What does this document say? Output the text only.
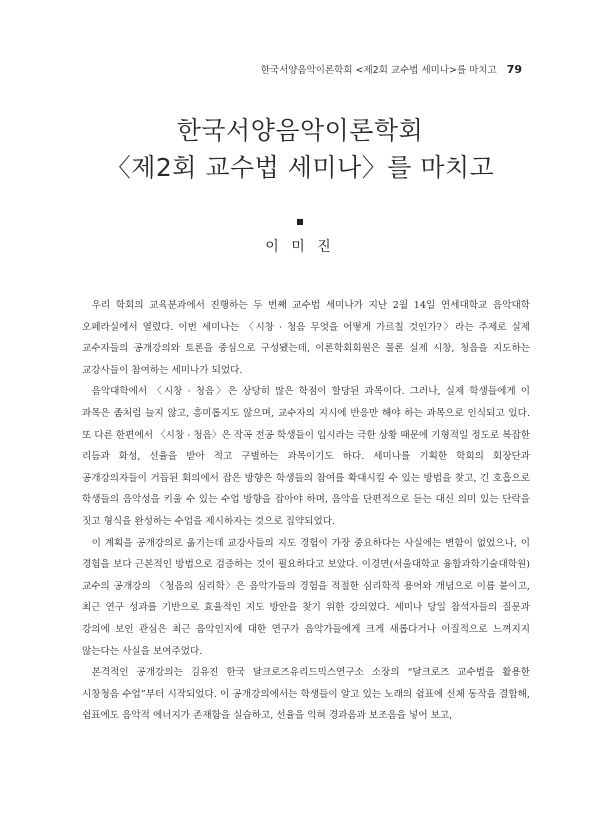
한국서양음악이론학회 <제2회 교수법 세미나>를 마치고 79
한국서양음악이론학회
〈제2회 교수법 세미나〉를 마치고
이 미 진

우리 학회의 교육분과에서 진행하는 두 번째 교수법 세미나가 지난 2월 14일 연세대학교 음악대학 오페라실에서 열렸다. 이번 세미나는 〈시창 · 청음 무엇을 어떻게 가르칠 것인가?〉라는 주제로 실제 교수자들의 공개강의와 토론을 중심으로 구성됐는데, 이론학회회원은 물론 실제 시창, 청음을 지도하는 교강사들이 참여하는 세미나가 되었다.

음악대학에서 〈시창 · 청음〉은 상당히 많은 학점이 할당된 과목이다. 그러나, 실제 학생들에게 이 과목은 좀처럼 늘지 않고, 흥미롭지도 않으며, 교수자의 지시에 반응만 해야 하는 과목으로 인식되고 있다. 또 다른 한편에서 〈시창 · 청음〉은 작곡 전공 학생들이 입시라는 극한 상황 때문에 기형적일 정도로 복잡한 리듬과 화성, 선율을 받아 적고 구별하는 과목이기도 하다. 세미나를 기획한 학회의 회장단과 공개강의자들이 거듭된 회의에서 잡은 방향은 학생들의 참여를 확대시킬 수 있는 방법을 찾고, 긴 호흡으로 학생들의 음악성을 키울 수 있는 수업 방향을 잡아야 하며, 음악을 단편적으로 듣는 대신 의미 있는 단락을 짓고 형식을 완성하는 수업을 제시하자는 것으로 집약되었다.

이 계획을 공개강의로 옮기는데 교강사들의 지도 경험이 가장 중요하다는 사실에는 변함이 없었으나, 이 경험을 보다 근본적인 방법으로 검증하는 것이 필요하다고 보았다. 이경면(서울대학교 융합과학기술대학원) 교수의 공개강의 〈청음의 심리학〉은 음악가들의 경험을 적절한 심리학적 용어와 개념으로 이름 붙이고, 최근 연구 성과를 기반으로 효율적인 지도 방안을 찾기 위한 강의였다. 세미나 당일 참석자들의 질문과 강의에 보인 관심은 최근 음악인지에 대한 연구가 음악가들에게 크게 새롭다거나 이질적으로 느껴지지 않는다는 사실을 보여주었다.

본격적인 공개강의는 김유진 한국 달크로즈유리드믹스연구소 소장의 “달크로즈 교수법을 활용한 시창청음 수업”부터 시작되었다. 이 공개강의에서는 학생들이 알고 있는 노래의 쉼표에 신체 동작을 결합해, 쉼표에도 음악적 에너지가 존재함을 실습하고, 선율을 익혀 경과음과 보조음을 넣어 보고,
